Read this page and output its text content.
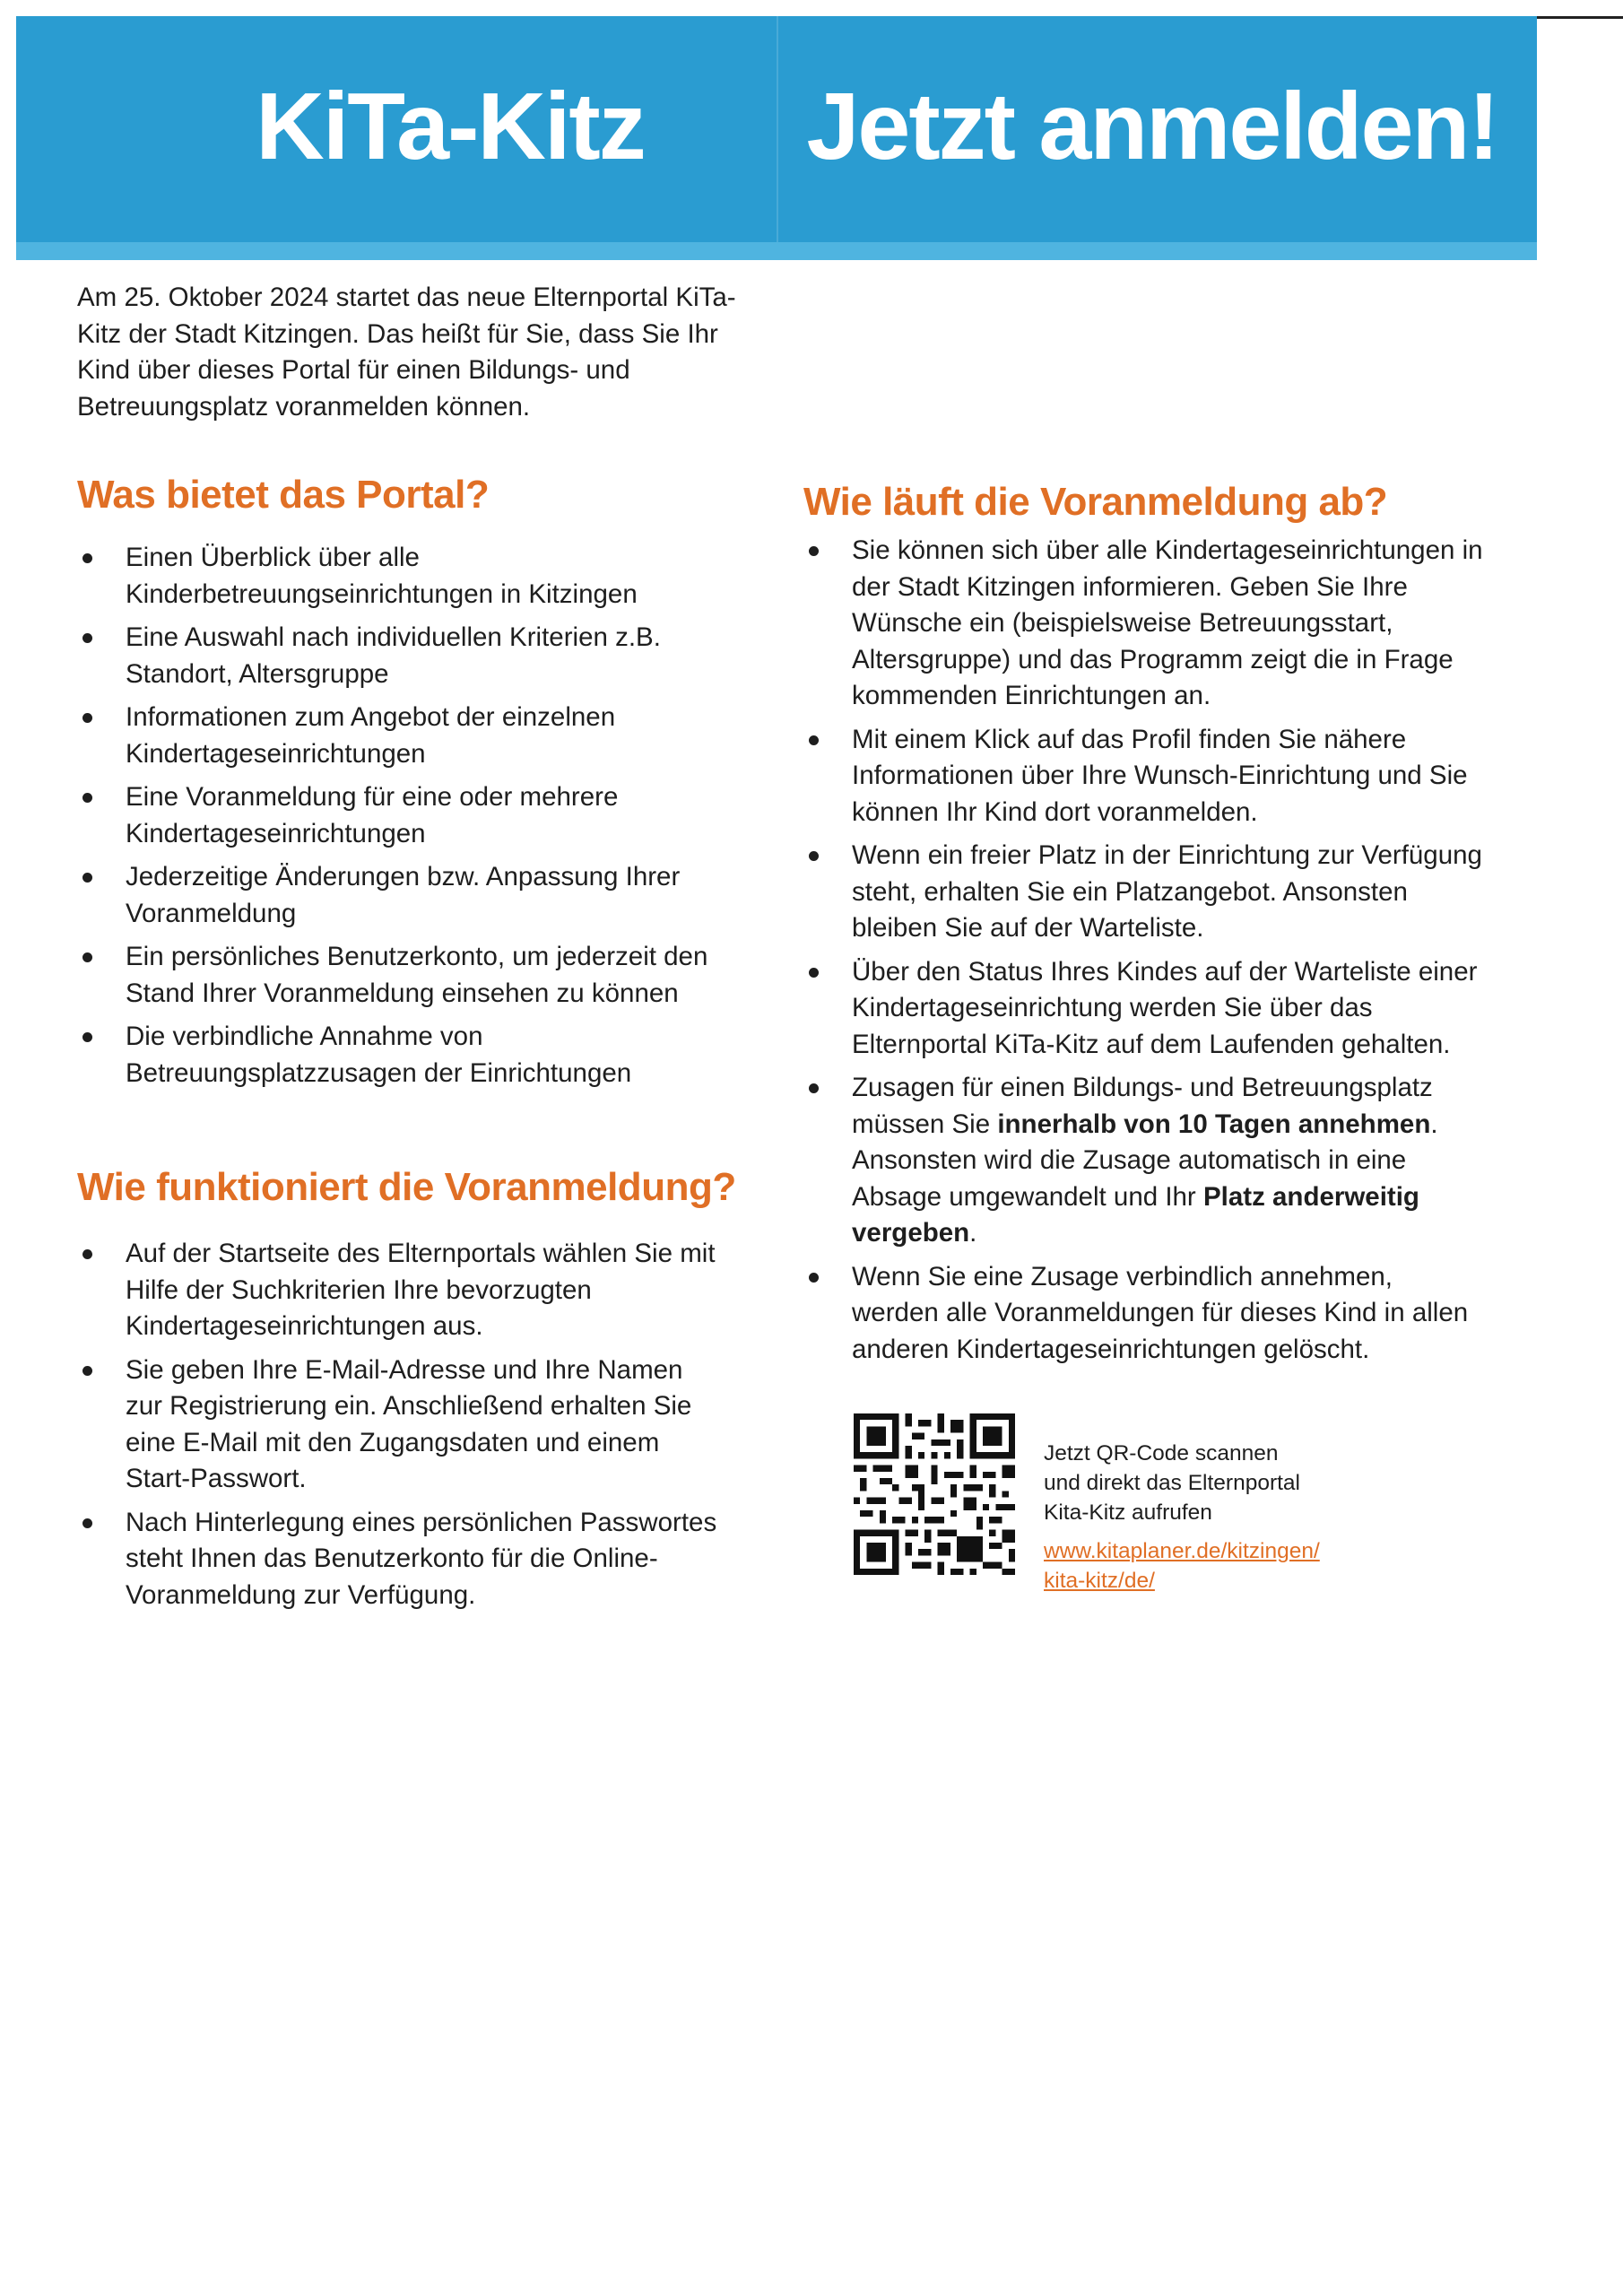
KiTa-Kitz	Jetzt anmelden!

Am 25. Oktober 2024 startet das neue Elternportal KiTa-Kitz der Stadt Kitzingen. Das heißt für Sie, dass Sie Ihr Kind über dieses Portal für einen Bildungs- und Betreuungsplatz voranmelden können.

Was bietet das Portal?
Einen Überblick über alle Kinderbetreuungseinrichtungen in Kitzingen
Eine Auswahl nach individuellen Kriterien z.B. Standort, Altersgruppe
Informationen zum Angebot der einzelnen Kindertageseinrichtungen
Eine Voranmeldung für eine oder mehrere Kindertageseinrichtungen
Jederzeitige Änderungen bzw. Anpassung Ihrer Voranmeldung
Ein persönliches Benutzerkonto, um jederzeit den Stand Ihrer Voranmeldung einsehen zu können
Die verbindliche Annahme von Betreuungsplatzzusagen der Einrichtungen
Wie funktioniert die Voranmeldung?
Auf der Startseite des Elternportals wählen Sie mit Hilfe der Suchkriterien Ihre bevorzugten Kindertageseinrichtungen aus.
Sie geben Ihre E-Mail-Adresse und Ihre Namen zur Registrierung ein. Anschließend erhalten Sie eine E-Mail mit den Zugangsdaten und einem Start-Passwort.
Nach Hinterlegung eines persönlichen Passwortes steht Ihnen das Benutzerkonto für die Online-Voranmeldung zur Verfügung.
Wie läuft die Voranmeldung ab?
Sie können sich über alle Kindertageseinrichtungen in der Stadt Kitzingen informieren. Geben Sie Ihre Wünsche ein (beispielsweise Betreuungsstart, Altersgruppe) und das Programm zeigt die in Frage kommenden Einrichtungen an.
Mit einem Klick auf das Profil finden Sie nähere Informationen über Ihre Wunsch-Einrichtung und Sie können Ihr Kind dort voranmelden.
Wenn ein freier Platz in der Einrichtung zur Verfügung steht, erhalten Sie ein Platzangebot. Ansonsten bleiben Sie auf der Warteliste.
Über den Status Ihres Kindes auf der Warteliste einer Kindertageseinrichtung werden Sie über das Elternportal KiTa-Kitz auf dem Laufenden gehalten.
Zusagen für einen Bildungs- und Betreuungsplatz müssen Sie innerhalb von 10 Tagen annehmen. Ansonsten wird die Zusage automatisch in eine Absage umgewandelt und Ihr Platz anderweitig vergeben.
Wenn Sie eine Zusage verbindlich annehmen, werden alle Voranmeldungen für dieses Kind in allen anderen Kindertageseinrichtungen gelöscht.
Jetzt QR-Code scannen
und direkt das Elternportal
Kita-Kitz aufrufen
www.kitaplaner.de/kitzingen/
kita-kitz/de/
